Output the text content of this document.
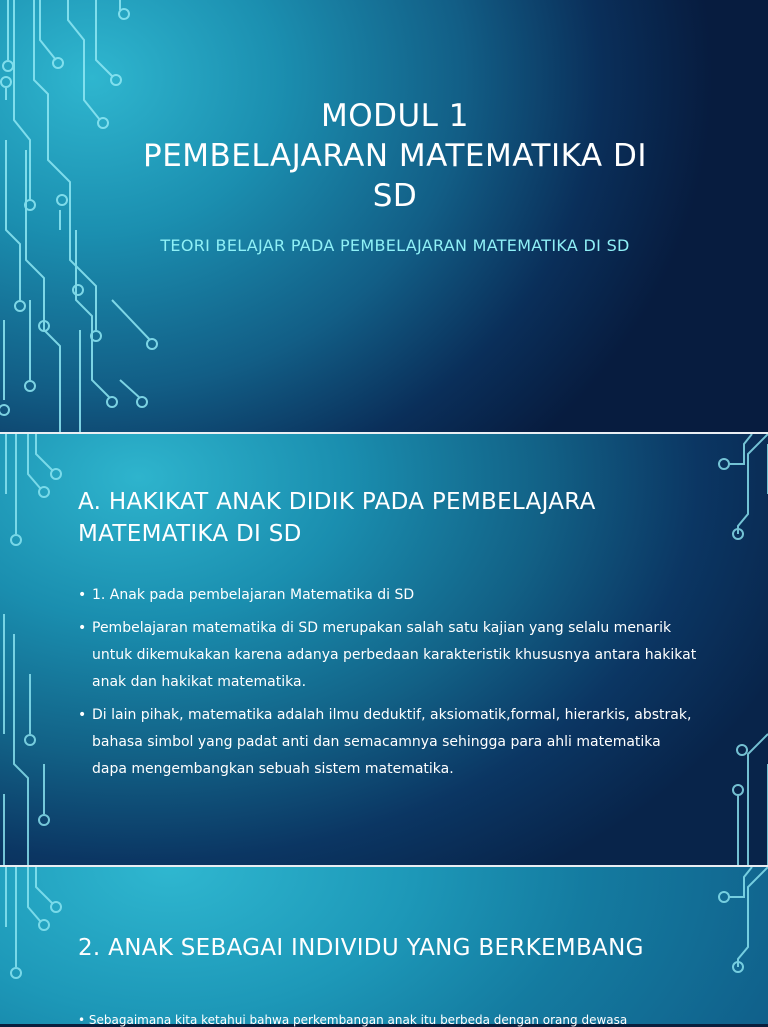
MODUL 1
PEMBELAJARAN MATEMATIKA DI
SD
TEORI BELAJAR PADA PEMBELAJARAN MATEMATIKA DI SD
A. HAKIKAT ANAK DIDIK PADA PEMBELAJARA
MATEMATIKA DI SD
• 1. Anak pada pembelajaran Matematika di SD
• Pembelajaran matematika di SD merupakan salah satu kajian yang selalu menarik untuk dikemukakan karena adanya perbedaan karakteristik khususnya antara hakikat anak dan hakikat matematika.
• Di lain pihak, matematika adalah ilmu deduktif, aksiomatik,formal, hierarkis, abstrak, bahasa simbol yang padat anti dan semacamnya sehingga para ahli matematika dapa mengembangkan sebuah sistem matematika.
2. ANAK SEBAGAI INDIVIDU YANG BERKEMBANG
• Sebagaimana kita ketahui bahwa perkembangan anak itu berbeda dengan orang dewasa
